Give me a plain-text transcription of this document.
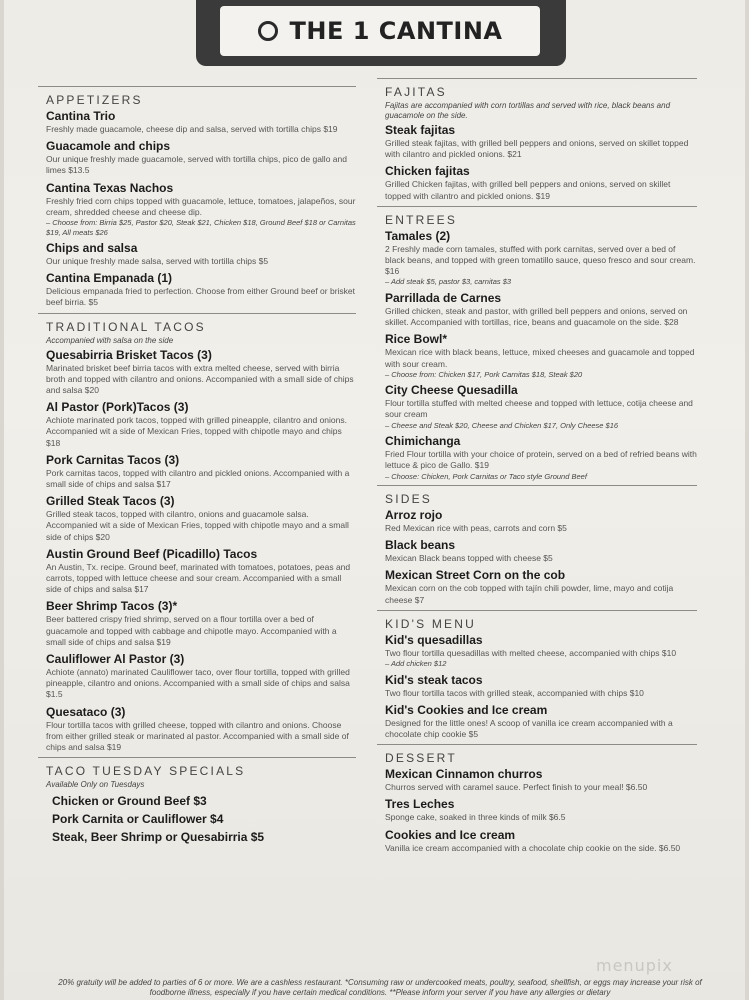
THE 1 CANTINA
APPETIZERS
Cantina Trio
Freshly made guacamole, cheese dip and salsa, served with tortilla chips $19
Guacamole and chips
Our unique freshly made guacamole, served with tortilla chips, pico de gallo and limes $13.5
Cantina Texas Nachos
Freshly fried corn chips topped with guacamole, lettuce, tomatoes, jalapeños, sour cream, shredded cheese and cheese dip.
– Choose from: Birria $25, Pastor $20, Steak $21, Chicken $18, Ground Beef $18 or Carnitas $19, All meats $26
Chips and salsa
Our unique freshly made salsa, served with tortilla chips $5
Cantina Empanada (1)
Delicious empanada fried to perfection. Choose from either Ground beef or brisket beef birria. $5
TRADITIONAL TACOS
Accompanied with salsa on the side
Quesabirria Brisket Tacos (3)
Marinated brisket beef birria tacos with extra melted cheese, served with birria broth and topped with cilantro and onions. Accompanied with a small side of chips and salsa $20
Al Pastor (Pork)Tacos (3)
Achiote marinated pork tacos, topped with grilled pineapple, cilantro and onions. Accompanied wit a side of Mexican Fries, topped with chipotle mayo and chips $18
Pork Carnitas Tacos (3)
Pork carnitas tacos, topped with cilantro and pickled onions. Accompanied with a small side of chips and salsa $17
Grilled Steak Tacos (3)
Grilled steak tacos, topped with cilantro, onions and guacamole salsa. Accompanied wit a side of Mexican Fries, topped with chipotle mayo and a small side of chips $20
Austin Ground Beef (Picadillo) Tacos
An Austin, Tx. recipe. Ground beef, marinated with tomatoes, potatoes, peas and carrots, topped with lettuce cheese and sour cream. Accompanied with a small side of chips and salsa $17
Beer Shrimp Tacos (3)*
Beer battered crispy fried shrimp, served on a flour tortilla over a bed of guacamole and topped with cabbage and chipotle mayo. Accompanied with a small side of chips and salsa $19
Cauliflower Al Pastor (3)
Achiote (annato) marinated Cauliflower taco, over flour tortilla, topped with grilled pineapple, cilantro and onions. Accompanied with a small side of chips and salsa $1.5
Quesataco (3)
Flour tortilla tacos with grilled cheese, topped with cilantro and onions. Choose from either grilled steak or marinated al pastor. Accompanied with a small side of chips and salsa $19
TACO TUESDAY SPECIALS
Available Only on Tuesdays
Chicken or Ground Beef $3
Pork Carnita or Cauliflower $4
Steak, Beer Shrimp or Quesabirria $5
FAJITAS
Fajitas are accompanied with corn tortillas and served with rice, black beans and guacamole on the side.
Steak fajitas
Grilled steak fajitas, with grilled bell peppers and onions, served on skillet topped with cilantro and pickled onions. $21
Chicken fajitas
Grilled Chicken fajitas, with grilled bell peppers and onions, served on skillet topped with cilantro and pickled onions. $19
ENTREES
Tamales (2)
2 Freshly made corn tamales, stuffed with pork carnitas, served over a bed of black beans, and topped with green tomatillo sauce, queso fresco and sour cream. $16
– Add steak $5, pastor $3, carnitas $3
Parrillada de Carnes
Grilled chicken, steak and pastor, with grilled bell peppers and onions, served on skillet. Accompanied with tortillas, rice, beans and guacamole on the side. $28
Rice Bowl*
Mexican rice with black beans, lettuce, mixed cheeses and guacamole and topped with sour cream.
– Choose from: Chicken $17, Pork Carnitas $18, Steak $20
City Cheese Quesadilla
Flour tortilla stuffed with melted cheese and topped with lettuce, cotija cheese and sour cream
– Cheese and Steak $20, Cheese and Chicken $17, Only Cheese $16
Chimichanga
Fried Flour tortilla with your choice of protein, served on a bed of refried beans with lettuce & pico de Gallo. $19
– Choose: Chicken, Pork Carnitas or Taco style Ground Beef
SIDES
Arroz rojo
Red Mexican rice with peas, carrots and corn $5
Black beans
Mexican Black beans topped with cheese $5
Mexican Street Corn on the cob
Mexican corn on the cob topped with tajín chili powder, lime, mayo and cotija cheese $7
KID'S MENU
Kid's quesadillas
Two flour tortilla quesadillas with melted cheese, accompanied with chips $10
– Add chicken $12
Kid's steak tacos
Two flour tortilla tacos with grilled steak, accompanied with chips $10
Kid's Cookies and Ice cream
Designed for the little ones! A scoop of vanilla ice cream accompanied with a chocolate chip cookie $5
DESSERT
Mexican Cinnamon churros
Churros served with caramel sauce. Perfect finish to your meal! $6.50
Tres Leches
Sponge cake, soaked in three kinds of milk $6.5
Cookies and Ice cream
Vanilla ice cream accompanied with a chocolate chip cookie on the side. $6.50
menupix
20% gratuity will be added to parties of 6 or more. We are a cashless restaurant. *Consuming raw or undercooked meats, poultry, seafood, shellfish, or eggs may increase your risk of foodborne illness, especially if you have certain medical conditions. **Please inform your server if you have any allergies or dietary
